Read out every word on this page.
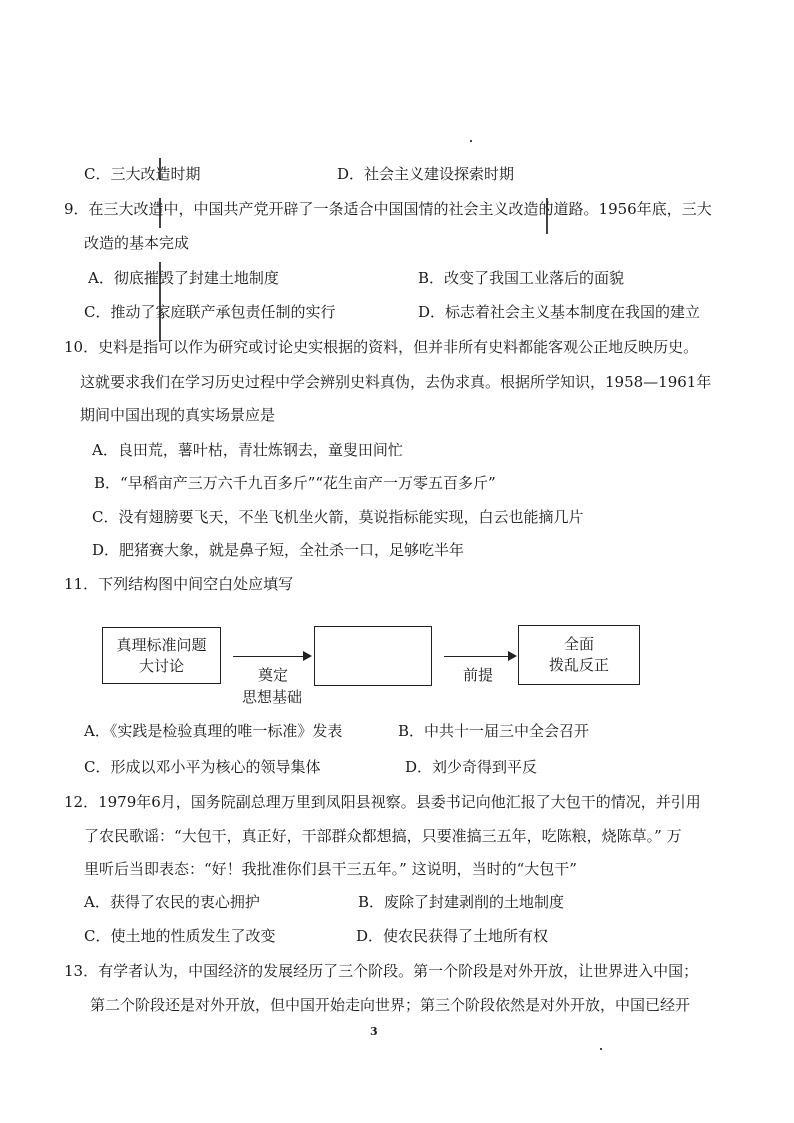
C．三大改造时期	D．社会主义建设探索时期
9．在三大改造中，中国共产党开辟了一条适合中国国情的社会主义改造的道路。1956年底，三大
改造的基本完成
A．彻底摧毁了封建土地制度	B．改变了我国工业落后的面貌
C．推动了家庭联产承包责任制的实行	D．标志着社会主义基本制度在我国的建立
10．史料是指可以作为研究或讨论史实根据的资料，但并非所有史料都能客观公正地反映历史。
这就要求我们在学习历史过程中学会辨别史料真伪，去伪求真。根据所学知识，1958—1961年
期间中国出现的真实场景应是
A．良田荒，薯叶枯，青壮炼钢去，童叟田间忙
B．“早稻亩产三万六千九百多斤”“花生亩产一万零五百多斤”
C．没有翅膀要飞天，不坐飞机坐火箭，莫说指标能实现，白云也能摘几片
D．肥猪赛大象，就是鼻子短，全社杀一口，足够吃半年
11．下列结构图中间空白处应填写
真理标准问题
大讨论
奠定
思想基础
前提
全面
拨乱反正
A．《实践是检验真理的唯一标准》发表	B．中共十一届三中全会召开
C．形成以邓小平为核心的领导集体	D．刘少奇得到平反
12．1979年6月，国务院副总理万里到凤阳县视察。县委书记向他汇报了大包干的情况，并引用
了农民歌谣：“大包干，真正好，干部群众都想搞，只要准搞三五年，吃陈粮，烧陈草。” 万
里听后当即表态：“好！我批准你们县干三五年。” 这说明，当时的“大包干”
A．获得了农民的衷心拥护	B．废除了封建剥削的土地制度
C．使土地的性质发生了改变	D．使农民获得了土地所有权
13．有学者认为，中国经济的发展经历了三个阶段。第一个阶段是对外开放，让世界进入中国；
第二个阶段还是对外开放，但中国开始走向世界；第三个阶段依然是对外开放，中国已经开
3
